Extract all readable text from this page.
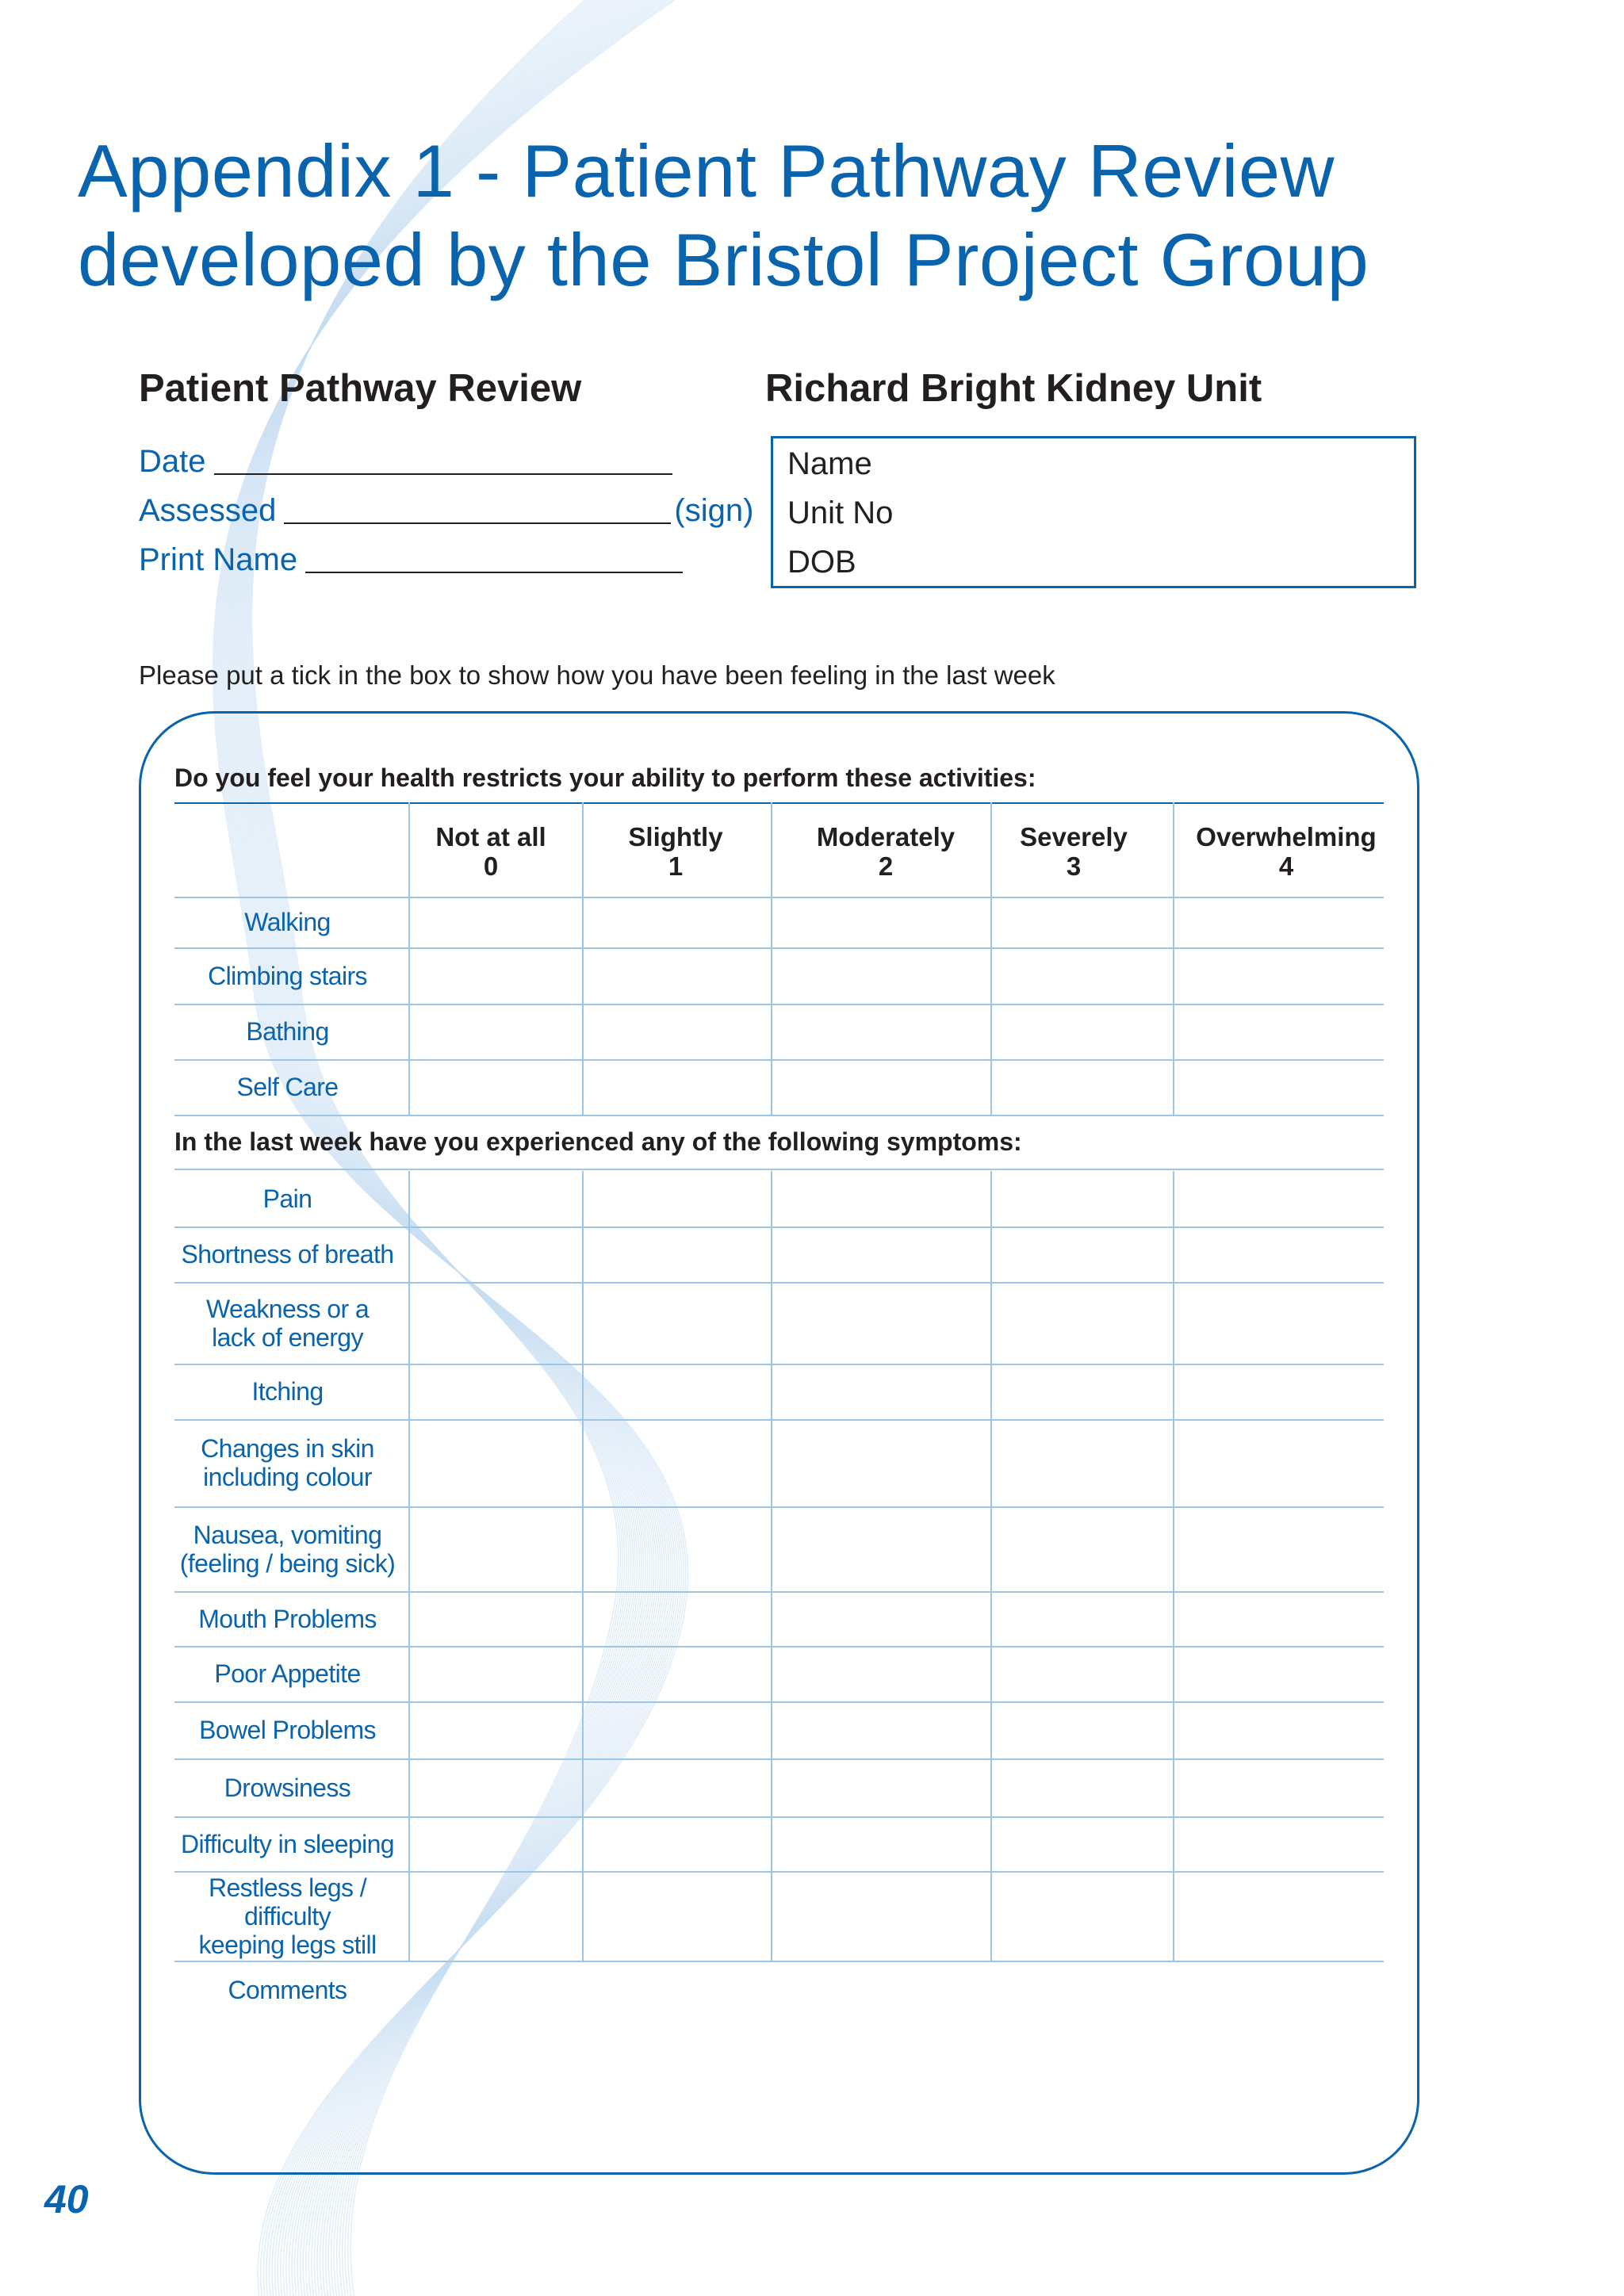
Appendix 1 - Patient Pathway Review
developed by the Bristol Project Group
Patient Pathway Review
Date
Assessed	(sign)
Print Name
Richard Bright Kidney Unit
Name
Unit No
DOB
Please put a tick in the box to show how you have been feeling in the last week
Do you feel your health restricts your ability to perform these activities:
In the last week have you experienced any of the following symptoms:
Not at all
0
Slightly
1
Moderately
2
Severely
3
Overwhelming
4
Walking
Climbing stairs
Bathing
Self Care
Pain
Shortness of breath
Weakness or a
lack of energy
Itching
Changes in skin
including colour
Nausea, vomiting
(feeling / being sick)
Mouth Problems
Poor Appetite
Bowel Problems
Drowsiness
Difficulty in sleeping
Restless legs / difficulty
keeping legs still
Comments
40
